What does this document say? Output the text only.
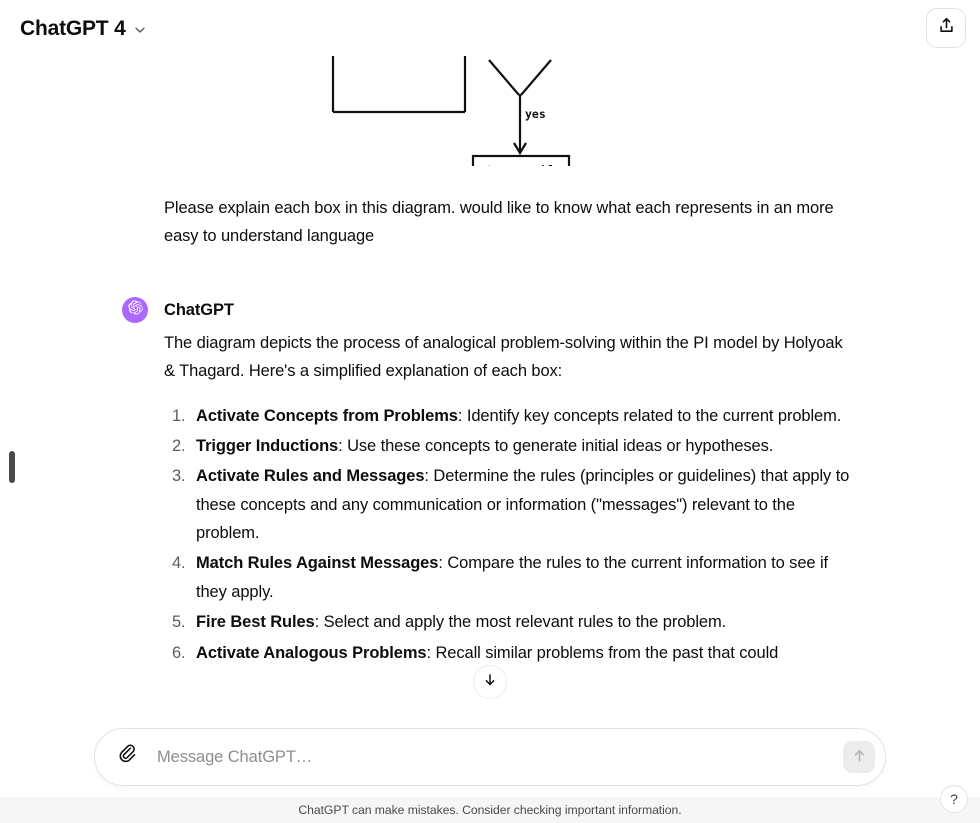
ChatGPT 4
yes
store problem
solutions
Please explain each box in this diagram. would like to know what each represents in an more easy to understand language
ChatGPT
The diagram depicts the process of analogical problem-solving within the PI model by Holyoak & Thagard. Here's a simplified explanation of each box:
1. Activate Concepts from Problems: Identify key concepts related to the current problem.
2. Trigger Inductions: Use these concepts to generate initial ideas or hypotheses.
3. Activate Rules and Messages: Determine the rules (principles or guidelines) that apply to these concepts and any communication or information ("messages") relevant to the problem.
4. Match Rules Against Messages: Compare the rules to the current information to see if they apply.
5. Fire Best Rules: Select and apply the most relevant rules to the problem.
6. Activate Analogous Problems: Recall similar problems from the past that could
Message ChatGPT…
ChatGPT can make mistakes. Consider checking important information.
?
